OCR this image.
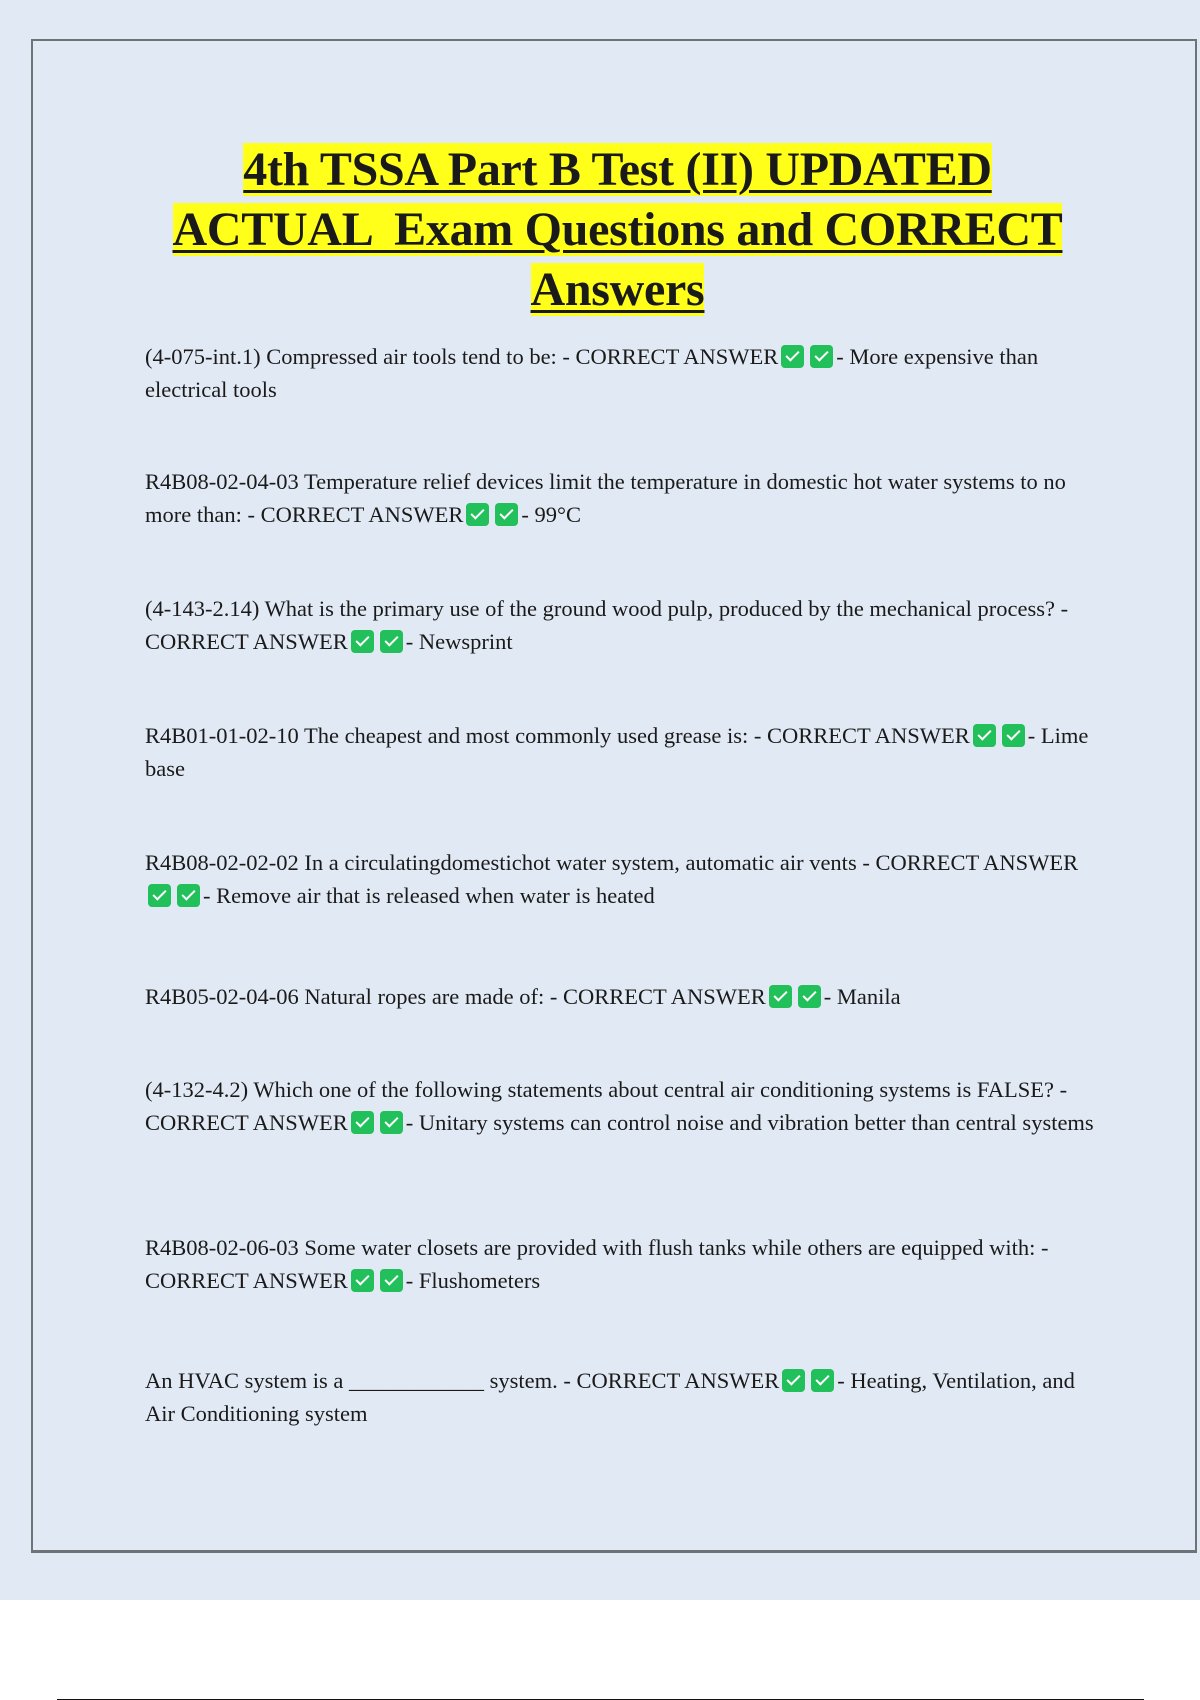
4th TSSA Part B Test (II) UPDATED
ACTUAL  Exam Questions and CORRECT
Answers

(4-075-int.1) Compressed air tools tend to be: - CORRECT ANSWER	- More expensive than electrical tools

R4B08-02-04-03 Temperature relief devices limit the temperature in domestic hot water systems to no more than: - CORRECT ANSWER	- 99°C

(4-143-2.14) What is the primary use of the ground wood pulp, produced by the mechanical process? - CORRECT ANSWER	- Newsprint

R4B01-01-02-10 The cheapest and most commonly used grease is: - CORRECT ANSWER	- Lime base

R4B08-02-02-02 In a circulatingdomestichot water system, automatic air vents - CORRECT ANSWER- Remove air that is released when water is heated

R4B05-02-04-06 Natural ropes are made of: - CORRECT ANSWER	- Manila

(4-132-4.2) Which one of the following statements about central air conditioning systems is FALSE? - CORRECT ANSWER	- Unitary systems can control noise and vibration better than central systems

R4B08-02-06-03 Some water closets are provided with flush tanks while others are equipped with: - CORRECT ANSWER	- Flushometers

An HVAC system is a ____________ system. - CORRECT ANSWER	- Heating, Ventilation, and Air Conditioning system
